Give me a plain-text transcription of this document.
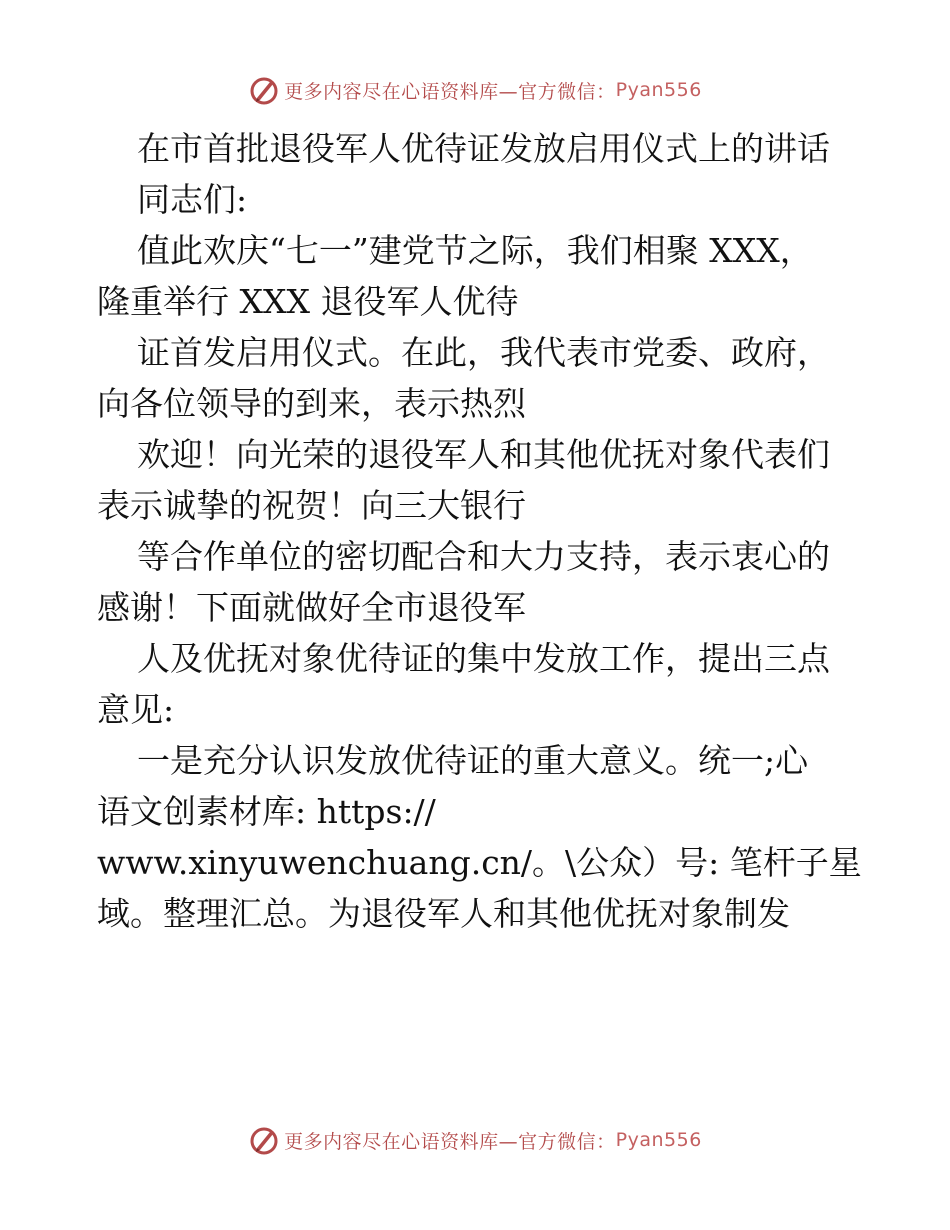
更多内容尽在心语资料库—官方微信： Pyan556
在市首批退役军人优待证发放启用仪式上的讲话
同志们:
值此欢庆“七一”建党节之际，我们相聚 XXX，
隆重举行 XXX 退役军人优待
证首发启用仪式。在此，我代表市党委、政府，
向各位领导的到来，表示热烈
欢迎！向光荣的退役军人和其他优抚对象代表们
表示诚挚的祝贺！向三大银行
等合作单位的密切配合和大力支持，表示衷心的
感谢！下面就做好全市退役军
人及优抚对象优待证的集中发放工作，提出三点
意见:
一是充分认识发放优待证的重大意义。统一;心
语文创素材库: https://
www.xinyuwenchuang.cn/。\公众）号: 笔杆子星
域。整理汇总。为退役军人和其他优抚对象制发
更多内容尽在心语资料库—官方微信： Pyan556
